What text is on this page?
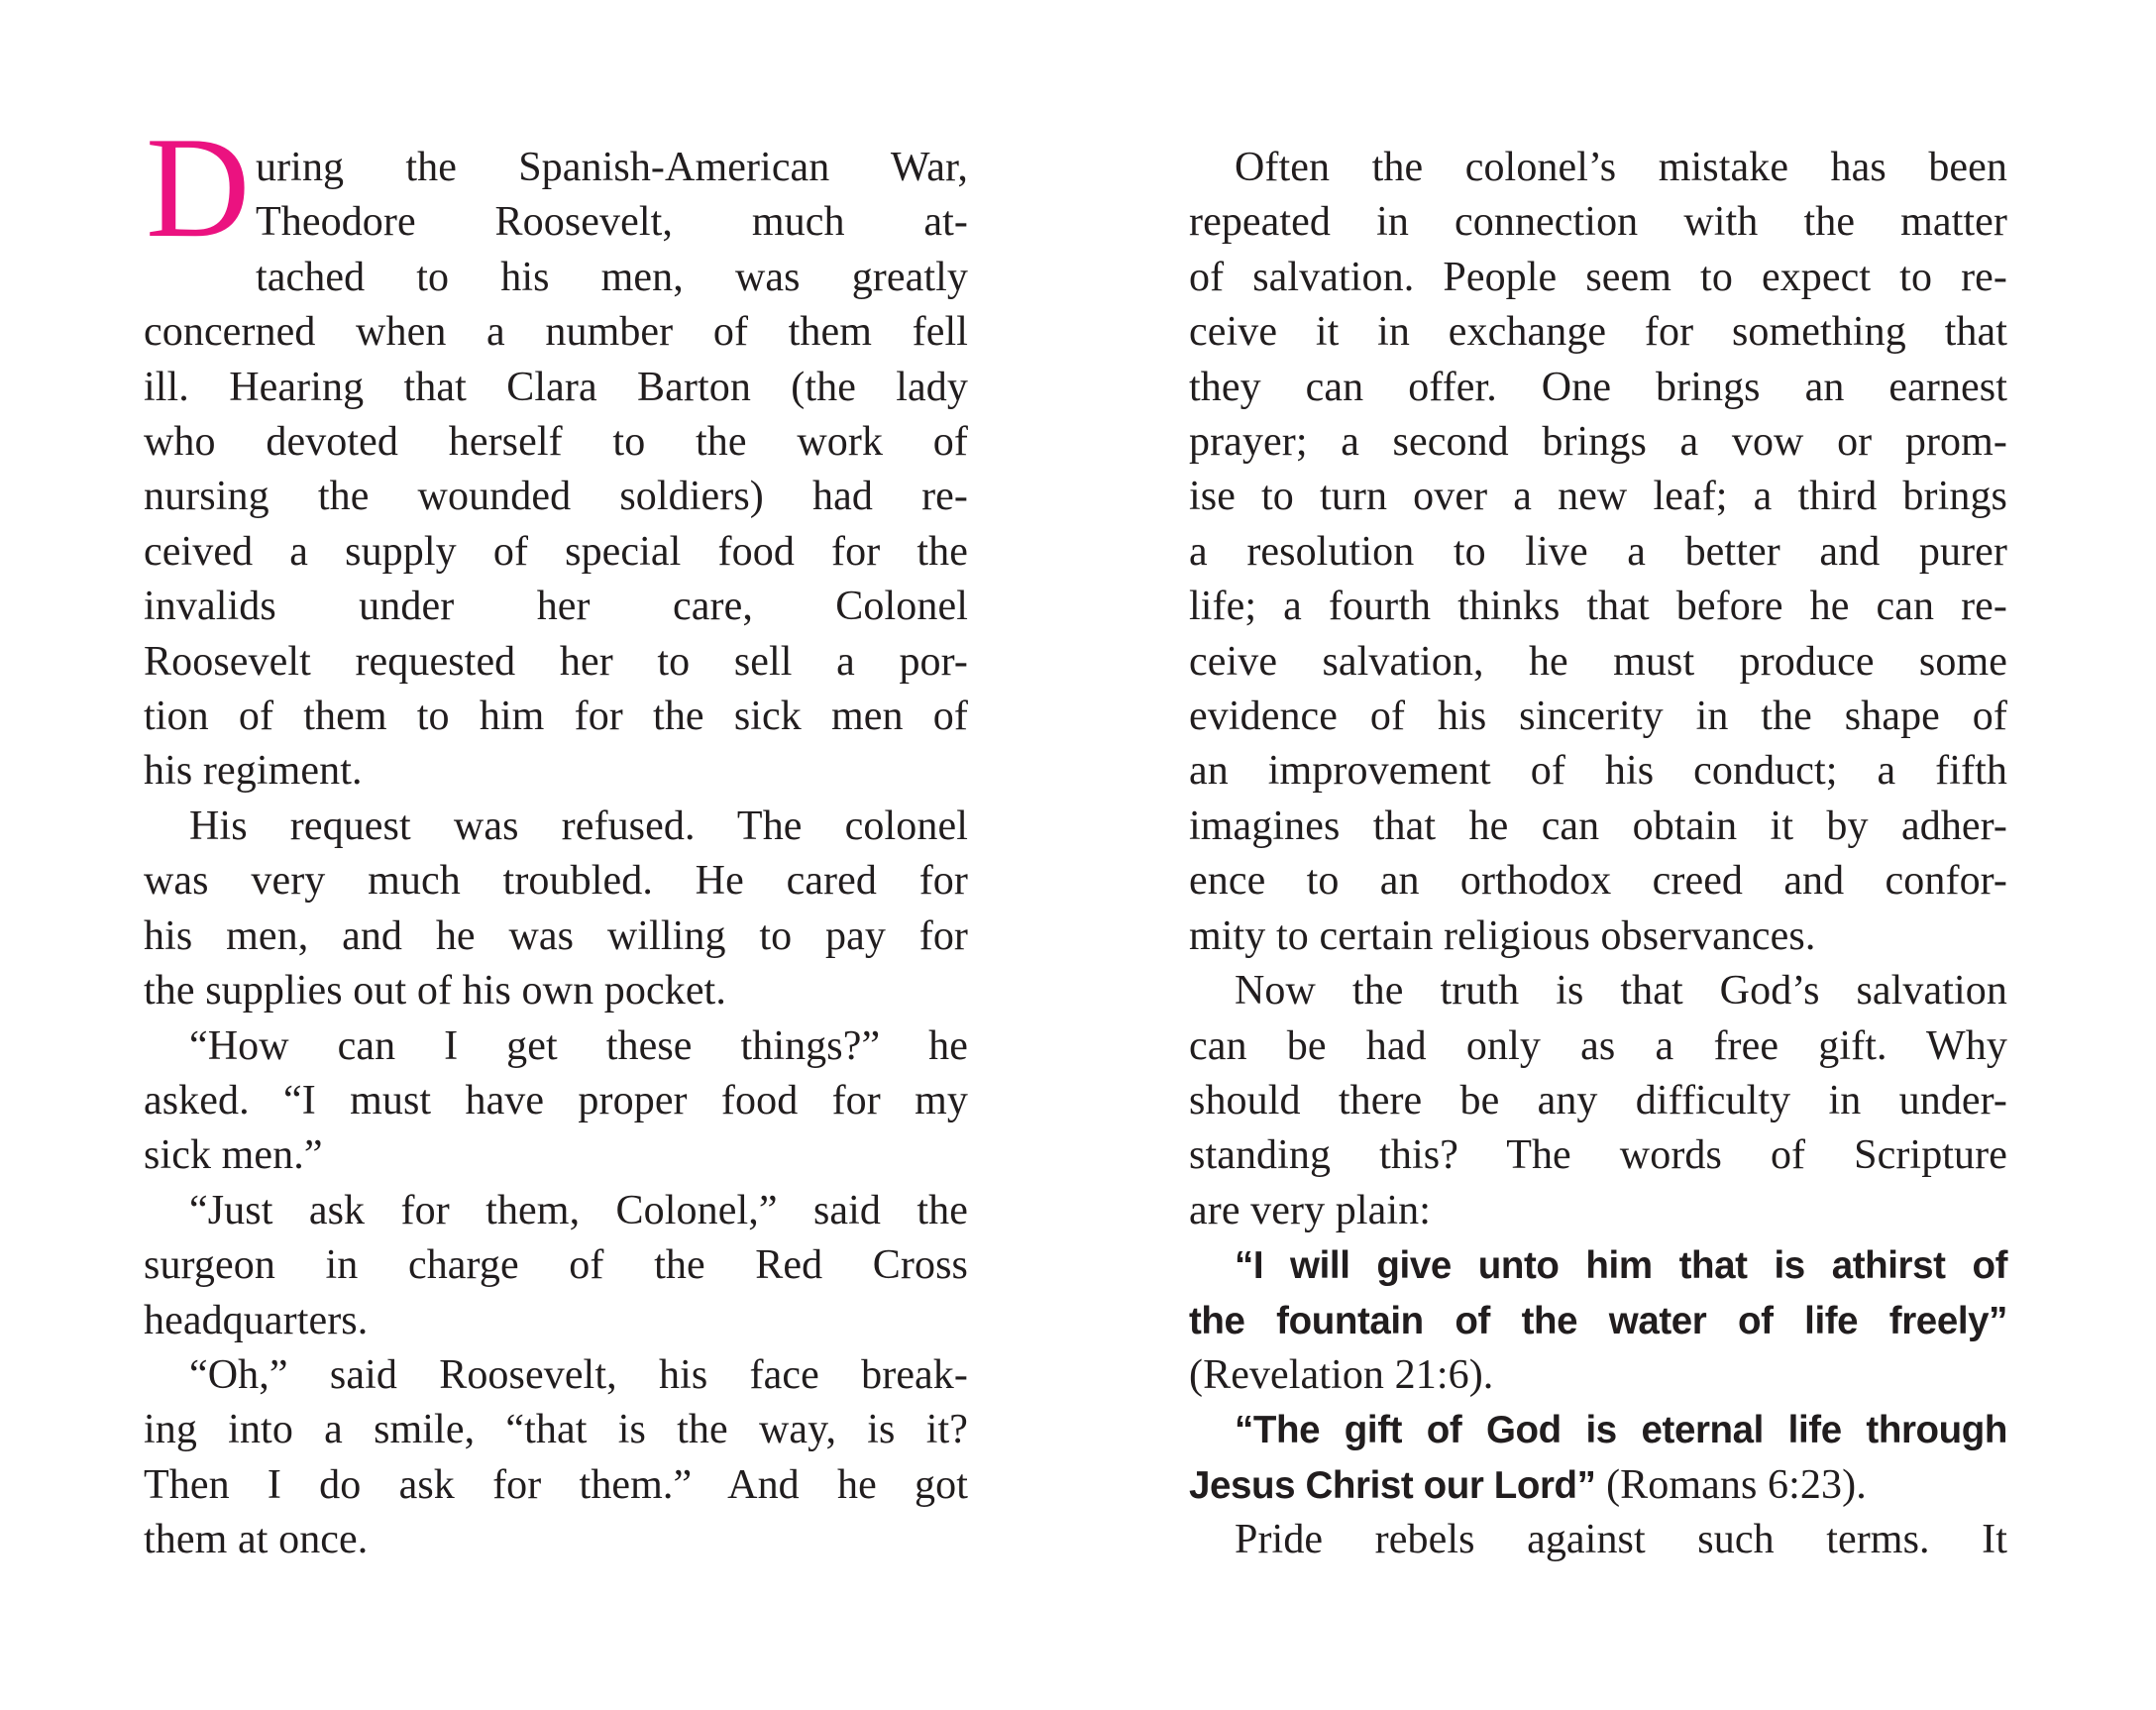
D uring the Spanish-American War,
Theodore Roosevelt, much at-
tached to his men, was greatly
concerned when a number of them fell
ill. Hearing that Clara Barton (the lady
who devoted herself to the work of
nursing the wounded soldiers) had re-
ceived a supply of special food for the
invalids under her care, Colonel
Roosevelt requested her to sell a por-
tion of them to him for the sick men of
his regiment.
His request was refused. The colonel
was very much troubled. He cared for
his men, and he was willing to pay for
the supplies out of his own pocket.
“How can I get these things?” he
asked. “I must have proper food for my
sick men.”
“Just ask for them, Colonel,” said the
surgeon in charge of the Red Cross
headquarters.
“Oh,” said Roosevelt, his face break-
ing into a smile, “that is the way, is it?
Then I do ask for them.” And he got
them at once.
Often the colonel’s mistake has been
repeated in connection with the matter
of salvation. People seem to expect to re-
ceive it in exchange for something that
they can offer. One brings an earnest
prayer; a second brings a vow or prom-
ise to turn over a new leaf; a third brings
a resolution to live a better and purer
life; a fourth thinks that before he can re-
ceive salvation, he must produce some
evidence of his sincerity in the shape of
an improvement of his conduct; a fifth
imagines that he can obtain it by adher-
ence to an orthodox creed and confor-
mity to certain religious observances.
Now the truth is that God’s salvation
can be had only as a free gift. Why
should there be any difficulty in under-
standing this? The words of Scripture
are very plain:
“I will give unto him that is athirst of
the fountain of the water of life freely”
(Revelation 21:6).
“The gift of God is eternal life through
Jesus Christ our Lord” (Romans 6:23).
Pride rebels against such terms. It
